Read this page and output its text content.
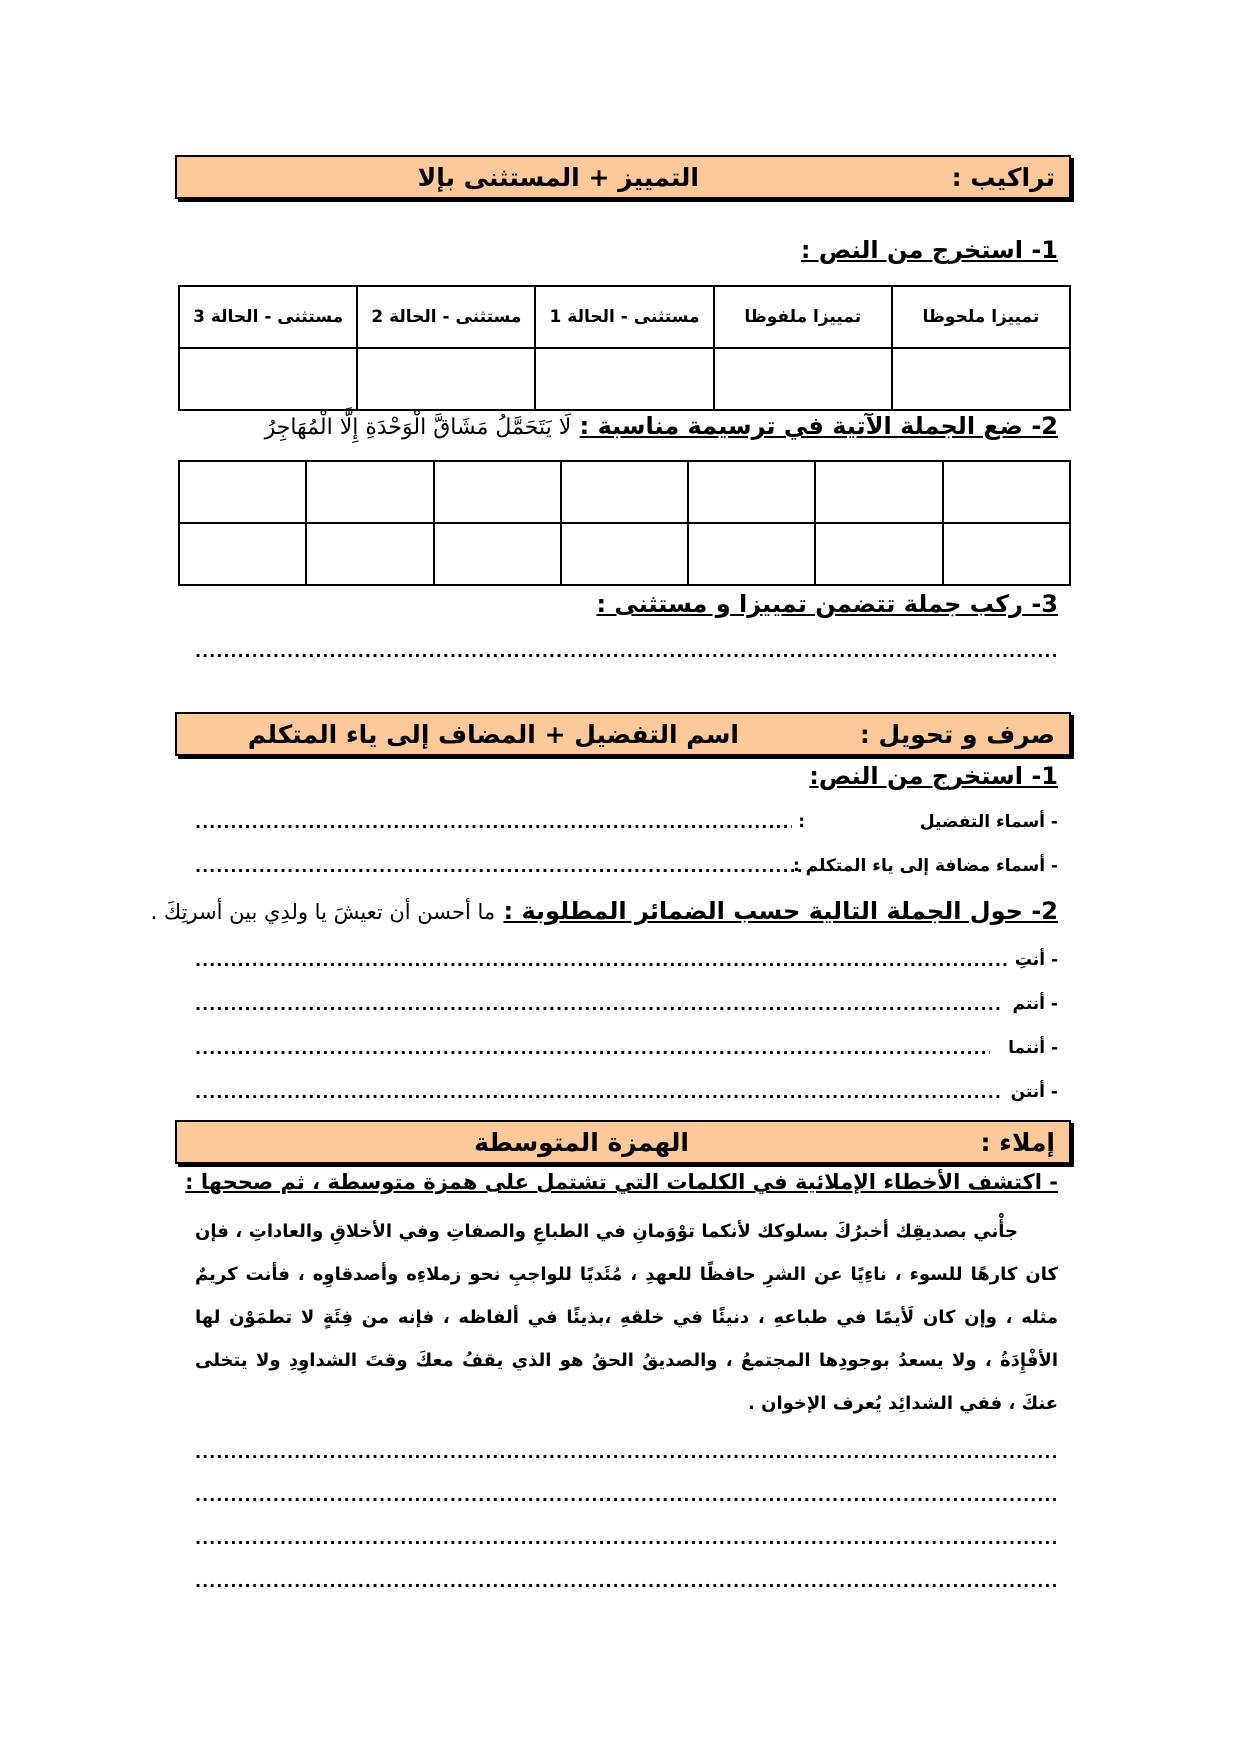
تراكيب :
التمييز + المستثنى بإلا
1- استخرج من النص :
تمييزا ملحوظا	تمييزا ملفوظا	مستثنى - الحالة 1	مستثنى - الحالة 2	مستثنى - الحالة 3

2- ضع الجملة الآتية في ترسيمة مناسبة : لَا يَتَحَمَّلُ مَشَاقَّ الْوَحْدَةِ إِلَّا الْمُهَاجِرُ

3- ركب جملة تتضمن تمييزا و مستثنى :
.....
صرف و تحويل :
اسم التفضيل + المضاف إلى ياء المتكلم
1- استخرج من النص:
- أسماء التفضيل
:
.....
- أسماء مضافة إلى ياء المتكلم :
.....
2- حول الجملة التالية حسب الضمائر المطلوبة : ما أحسن أن تعيشَ يا ولدِي بين أسرتِكَ .
- أنتِ
.....
- أنتم
.....
- أنتما
.....
- أنتن
.....
إملاء :
الهمزة المتوسطة
- اكتشف الأخطاء الإملائية في الكلمات التي تشتمل على همزة متوسطة ، ثم صححها :
جأْني بصديقِك أخبرُكَ بسلوكك لأنكما توْوَمانِ في الطباعِ والصفاتِ وفي الأخلاقِ والعاداتِ ، فإن كان كارهًا للسوء ، ناءِيًا عن الشرِ حافظًا للعهدِ ، مُئَديًا للواجبِ نحو زملاءِه وأصدقاوِه ، فأنت كريمٌ مثله ، وإن كان لَأيمًا في طباعهِ ، دنيئًا في خلقهِ ،بذيئًا في ألفاظه ، فإنه من فِئَةٍ لا تطمَوْن لها الأفْإِدَةُ ، ولا يسعدُ بوجودِها المجتمعُ ، والصديقُ الحقُ هو الذي يقفُ معكَ وقتَ الشداوِدِ ولا يتخلى عنكَ ، ففي الشدائِد يُعرف الإخوان .
.....
.....
.....
.....
